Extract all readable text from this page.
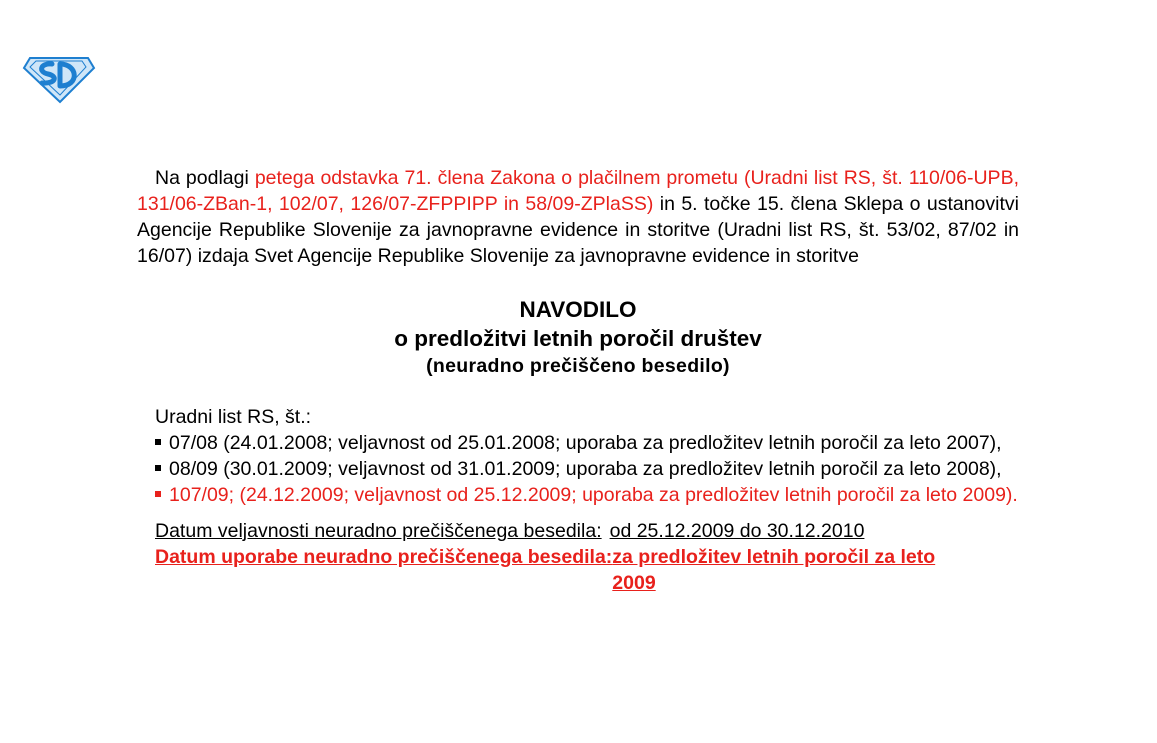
Na podlagi petega odstavka 71. člena Zakona o plačilnem prometu (Uradni list RS, št. 110/06-UPB, 131/06-ZBan-1, 102/07, 126/07-ZFPPIPP in 58/09-ZPlaSS) in 5. točke 15. člena Sklepa o ustanovitvi Agencije Republike Slovenije za javnopravne evidence in storitve (Uradni list RS, št. 53/02, 87/02 in 16/07) izdaja Svet Agencije Republike Slovenije za javnopravne evidence in storitve

NAVODILO
o predložitvi letnih poročil društev
(neuradno prečiščeno besedilo)
Uradni list RS, št.:

07/08 (24.01.2008; veljavnost od 25.01.2008; uporaba za predložitev letnih poročil za leto 2007),

08/09 (30.01.2009; veljavnost od 31.01.2009; uporaba za predložitev letnih poročil za leto 2008),

107/09; (24.12.2009; veljavnost od 25.12.2009; uporaba za predložitev letnih poročil za leto 2009).

Datum veljavnosti neuradno prečiščenega besedila: od 25.12.2009 do 30.12.2010
Datum uporabe neuradno prečiščenega besedila: za predložitev letnih poročil za leto 2009
